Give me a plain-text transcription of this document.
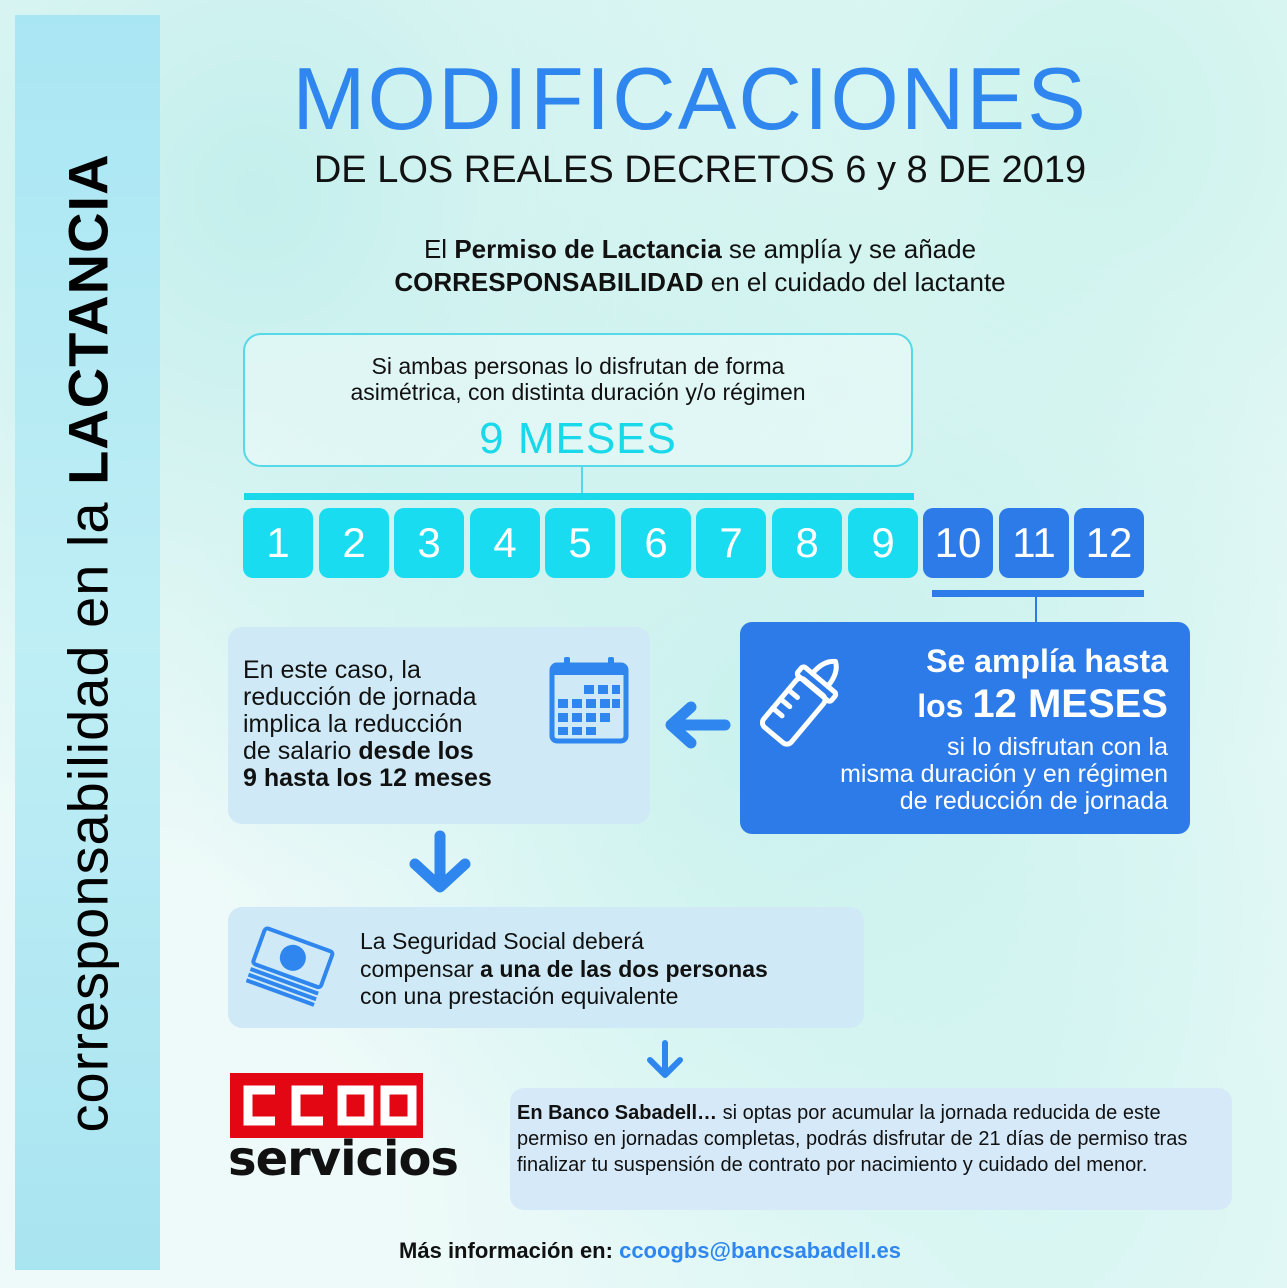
corresponsabilidad en la LACTANCIA
MODIFICACIONES
DE LOS REALES DECRETOS 6 y 8 DE 2019
El Permiso de Lactancia se amplía y se añade
CORRESPONSABILIDAD en el cuidado del lactante
Si ambas personas lo disfrutan de forma
asimétrica, con distinta duración y/o régimen
9 MESES
1	2	3	4	5	6	7	8	9 10 11 12
Se amplía hasta
los 12 MESES
si lo disfrutan con la
misma duración y en régimen
de reducción de jornada
En este caso, la
reducción de jornada
implica la reducción
de salario desde los
9 hasta los 12 meses
La Seguridad Social deberá
compensar a una de las dos personas
con una prestación equivalente
servicios
En Banco Sabadell… si optas por acumular la jornada reducida de este permiso en jornadas completas, podrás disfrutar de 21 días de permiso tras finalizar tu suspensión de contrato por nacimiento y cuidado del menor.
Más información en: ccoogbs@bancsabadell.es
